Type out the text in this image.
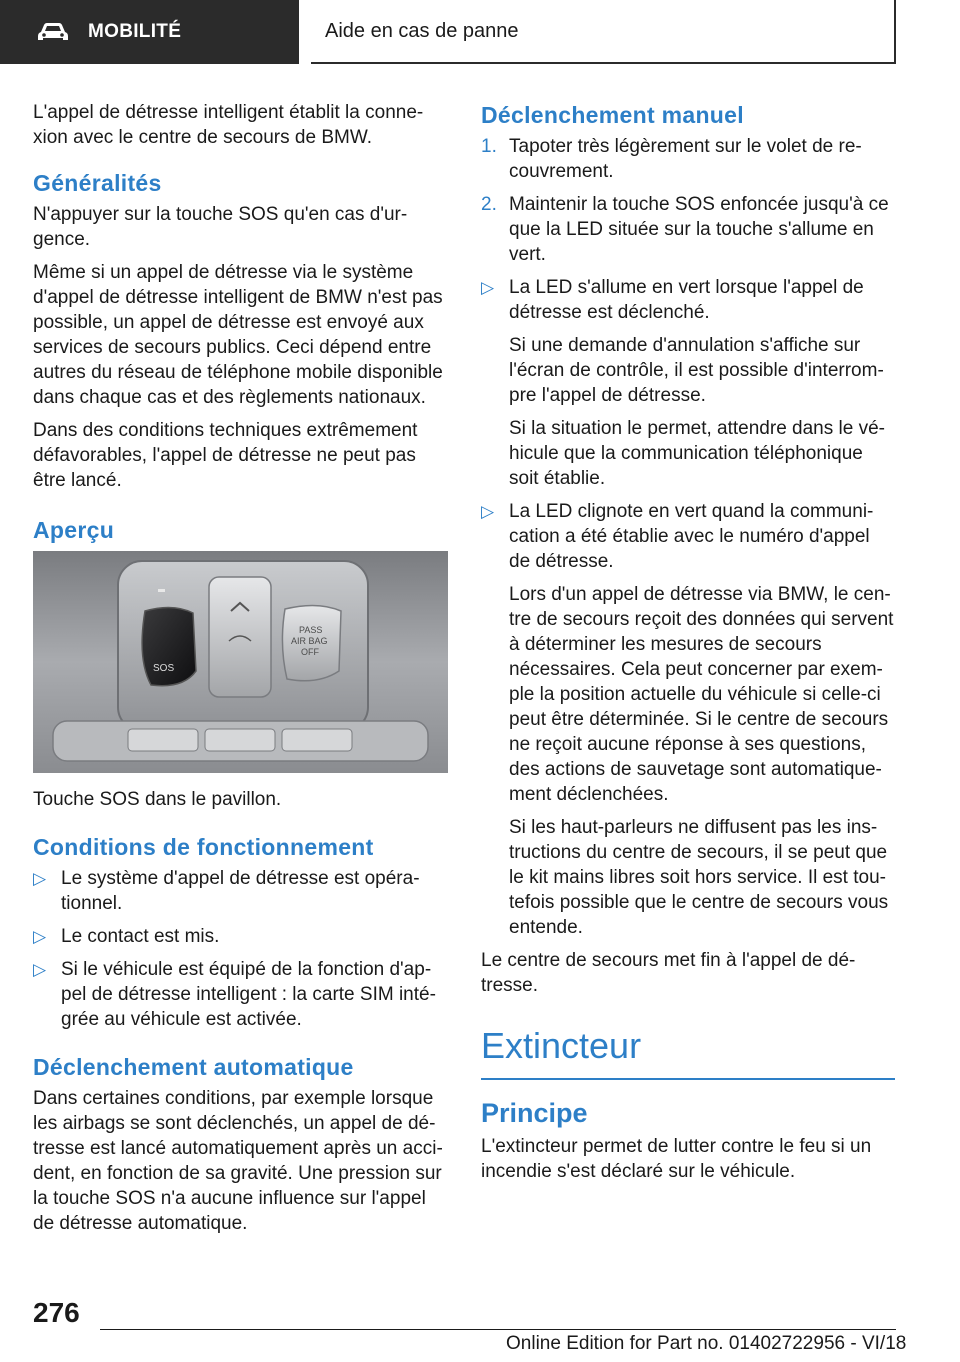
MOBILITÉ	Aide en cas de panne

L'appel de détresse intelligent établit la connexion avec le centre de secours de BMW.

Généralités

N'appuyer sur la touche SOS qu'en cas d'urgence.

Même si un appel de détresse via le système d'appel de détresse intelligent de BMW n'est pas possible, un appel de détresse est envoyé aux services de secours publics. Ceci dépend entre autres du réseau de téléphone mobile disponible dans chaque cas et des règlements nationaux.

Dans des conditions techniques extrêmement défavorables, l'appel de détresse ne peut pas être lancé.

Aperçu
SOS
PASS
AIR BAG
OFF

Touche SOS dans le pavillon.

Conditions de fonctionnement
▷ Le système d'appel de détresse est opérationnel.
▷ Le contact est mis.
▷ Si le véhicule est équipé de la fonction d'appel de détresse intelligent : la carte SIM intégrée au véhicule est activée.
Déclenchement automatique

Dans certaines conditions, par exemple lorsque les airbags se sont déclenchés, un appel de détresse est lancé automatiquement après un accident, en fonction de sa gravité. Une pression sur la touche SOS n'a aucune influence sur l'appel de détresse automatique.

Déclenchement manuel
1. Tapoter très légèrement sur le volet de recouvrement.
2. Maintenir la touche SOS enfoncée jusqu'à ce que la LED située sur la touche s'allume en vert.
▷ La LED s'allume en vert lorsque l'appel de détresse est déclenché.

Si une demande d'annulation s'affiche sur l'écran de contrôle, il est possible d'interrompre l'appel de détresse.

Si la situation le permet, attendre dans le véhicule que la communication téléphonique soit établie.

▷ La LED clignote en vert quand la communication a été établie avec le numéro d'appel de détresse.

Lors d'un appel de détresse via BMW, le centre de secours reçoit des données qui servent à déterminer les mesures de secours nécessaires. Cela peut concerner par exemple la position actuelle du véhicule si celle-ci peut être déterminée. Si le centre de secours ne reçoit aucune réponse à ses questions, des actions de sauvetage sont automatiquement déclenchées.

Si les haut-parleurs ne diffusent pas les instructions du centre de secours, il se peut que le kit mains libres soit hors service. Il est toutefois possible que le centre de secours vous entende.

Le centre de secours met fin à l'appel de détresse.

Extincteur
Principe

L'extincteur permet de lutter contre le feu si un incendie s'est déclaré sur le véhicule.

276
Online Edition for Part no. 01402722956 - VI/18
